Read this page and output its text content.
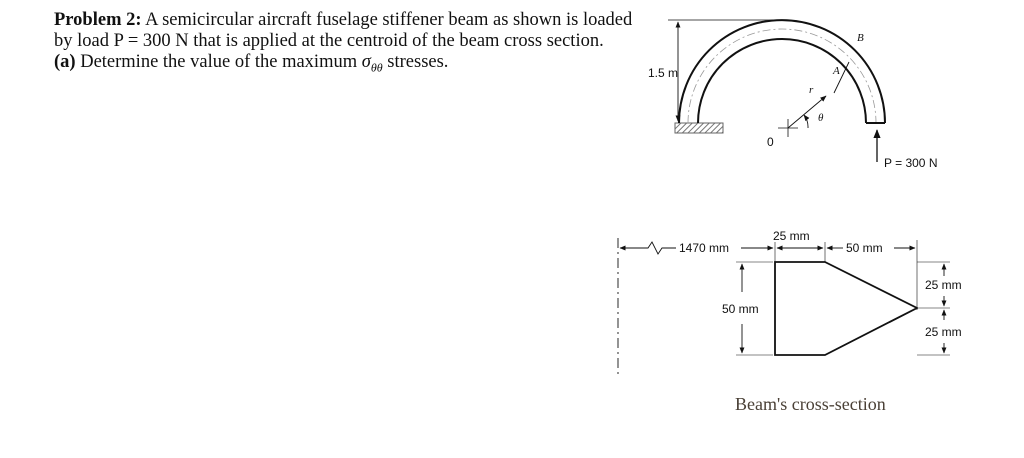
Problem 2: A semicircular aircraft fuselage stiffener beam as shown is loaded by load P = 300 N that is applied at the centroid of the beam cross section.

(a) Determine the value of the maximum $\sigma_{\theta\theta}$ stresses.

1.5 m	A
B
0
r
θ
P = 300 N
1470 mm
25 mm
50 mm
50 mm
25 mm
25 mm
Beam's cross-section
